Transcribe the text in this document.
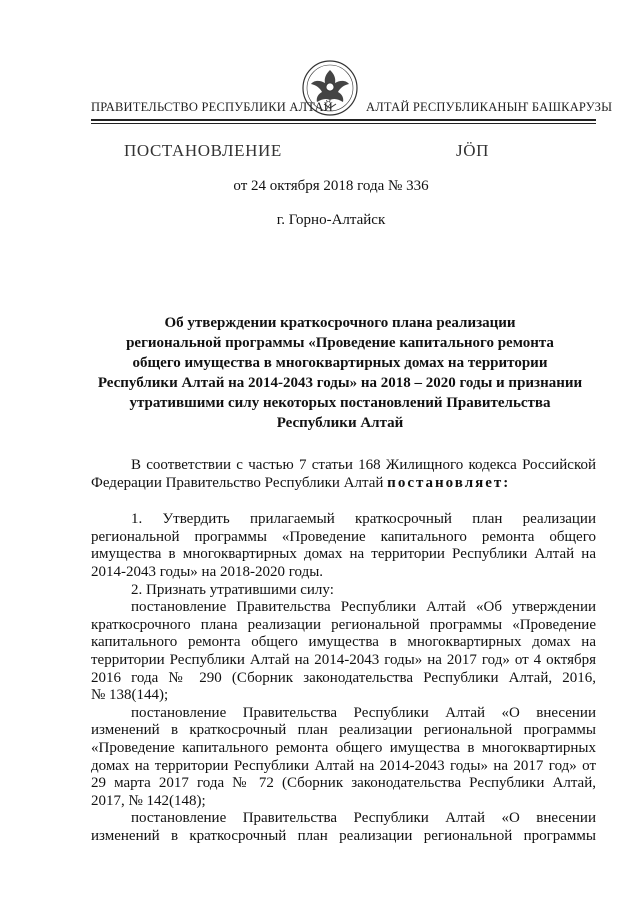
ПРАВИТЕЛЬСТВО РЕСПУБЛИКИ АЛТАЙ	АЛТАЙ РЕСПУБЛИКАНЫҤ БАШКАРУЗЫ
ПОСТАНОВЛЕНИЕ	ЈӦП
от 24 октября 2018 года № 336
г. Горно-Алтайск
Об утверждении краткосрочного плана реализации
региональной программы «Проведение капитального ремонта
общего имущества в многоквартирных домах на территории
Республики Алтай на 2014-2043 годы» на 2018 – 2020 годы и признании
утратившими силу некоторых постановлений Правительства
Республики Алтай
В соответствии с частью 7 статьи 168 Жилищного кодекса Российской
Федерации Правительство Республики Алтай постановляет:
1. Утвердить прилагаемый краткосрочный план реализации
региональной программы «Проведение капитального ремонта общего
имущества в многоквартирных домах на территории Республики Алтай на
2014-2043 годы» на 2018-2020 годы.
2. Признать утратившими силу:
постановление Правительства Республики Алтай «Об утверждении
краткосрочного плана реализации региональной программы «Проведение
капитального ремонта общего имущества в многоквартирных домах на
территории Республики Алтай на 2014-2043 годы» на 2017 год» от 4 октября
2016 года № 290 (Сборник законодательства Республики Алтай, 2016,
№ 138(144);
постановление Правительства Республики Алтай «О внесении
изменений в краткосрочный план реализации региональной программы
«Проведение капитального ремонта общего имущества в многоквартирных
домах на территории Республики Алтай на 2014-2043 годы» на 2017 год» от
29 марта 2017 года № 72 (Сборник законодательства Республики Алтай,
2017, № 142(148);
постановление Правительства Республики Алтай «О внесении
изменений в краткосрочный план реализации региональной программы
